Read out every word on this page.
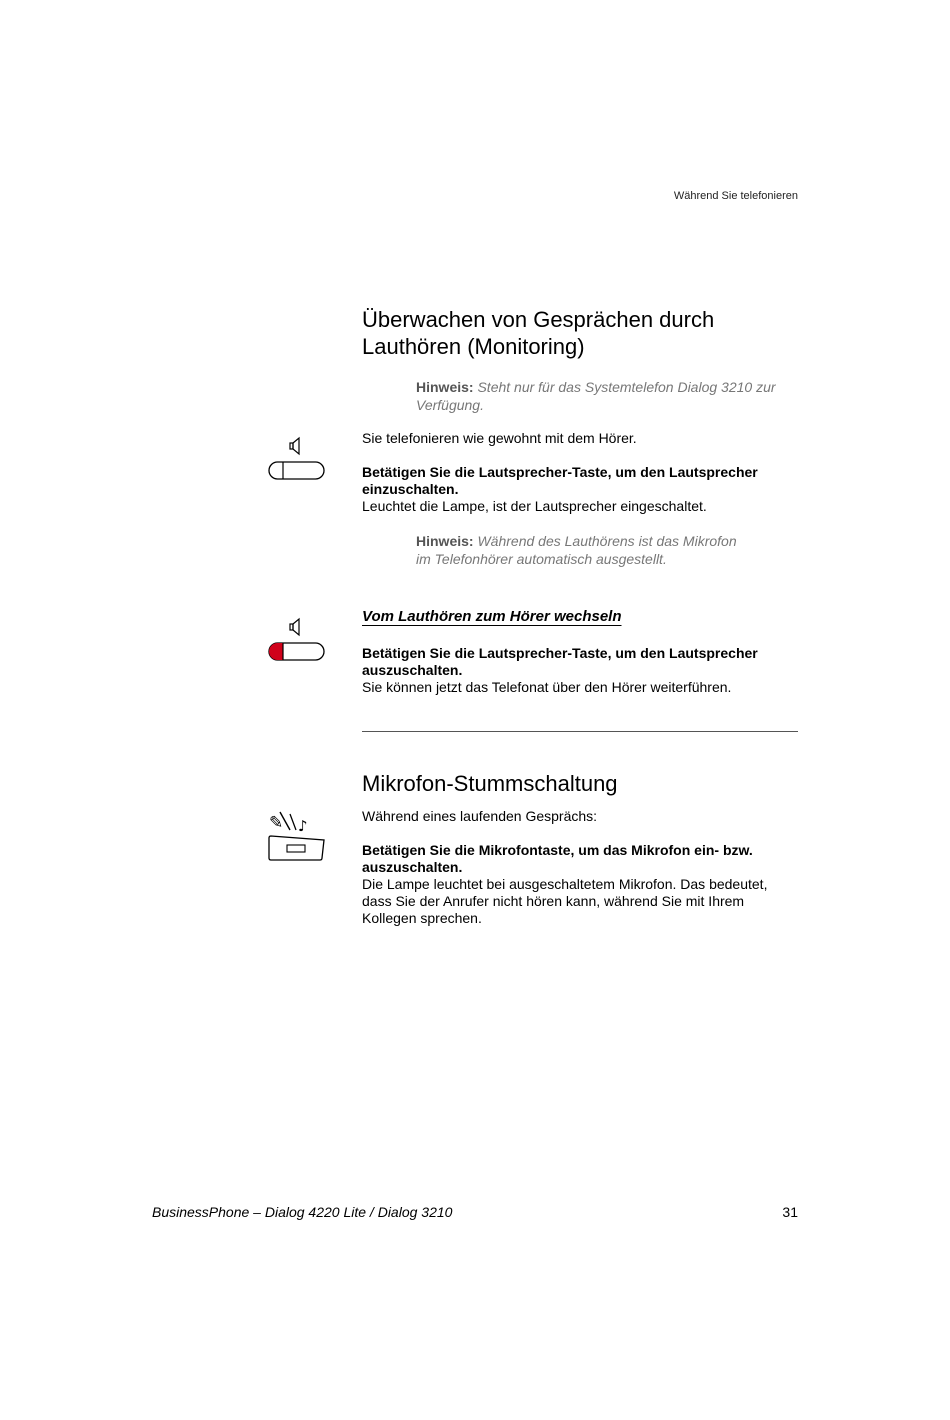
Während Sie telefonieren
Überwachen von Gesprächen durch
Lauthören (Monitoring)
Hinweis: Steht nur für das Systemtelefon Dialog 3210 zur
Verfügung.
Sie telefonieren wie gewohnt mit dem Hörer.
Betätigen Sie die Lautsprecher-Taste, um den Lautsprecher
einzuschalten.
Leuchtet die Lampe, ist der Lautsprecher eingeschaltet.
Hinweis: Während des Lauthörens ist das Mikrofon
im Telefonhörer automatisch ausgestellt.
Vom Lauthören zum Hörer wechseln
Betätigen Sie die Lautsprecher-Taste, um den Lautsprecher
auszuschalten.
Sie können jetzt das Telefonat über den Hörer weiterführen.
Mikrofon-Stummschaltung
Während eines laufenden Gesprächs:
✎ ♪
Betätigen Sie die Mikrofontaste, um das Mikrofon ein- bzw.
auszuschalten.
Die Lampe leuchtet bei ausgeschaltetem Mikrofon. Das bedeutet,
dass Sie der Anrufer nicht hören kann, während Sie mit Ihrem
Kollegen sprechen.
BusinessPhone – Dialog 4220 Lite / Dialog 3210	31
